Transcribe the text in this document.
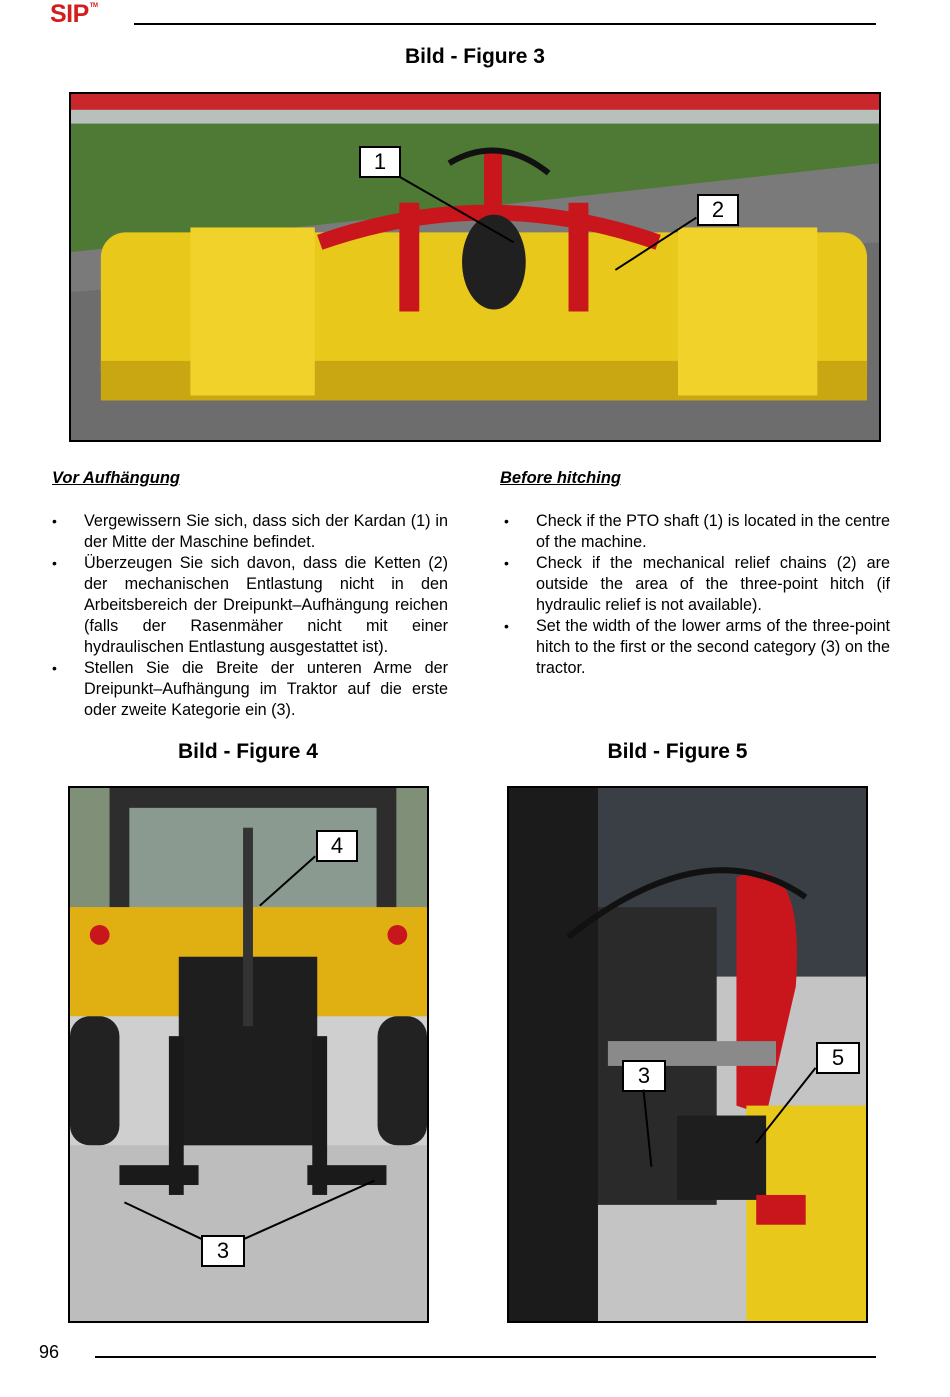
SIP™
Bild - Figure 3
1
2
Vor Aufhängung
• Vergewissern Sie sich, dass sich der Kardan (1) in der Mitte der Maschine befindet.
• Überzeugen Sie sich davon, dass die Ketten (2) der mechanischen Entlastung nicht in den Arbeitsbereich der Dreipunkt–Aufhängung reichen (falls der Rasenmäher nicht mit einer hydraulischen Entlastung ausgestattet ist).
• Stellen Sie die Breite der unteren Arme der Dreipunkt–Aufhängung im Traktor auf die erste oder zweite Kategorie ein (3).
Before hitching
• Check if the PTO shaft (1) is located in the centre of the machine.
• Check if the mechanical relief chains (2) are outside the area of the three-point hitch (if hydraulic relief is not available).
• Set the width of the lower arms of the three-point hitch to the first or the second category (3) on the tractor.
Bild - Figure 4
4
3
Bild - Figure 5
3
5
96
